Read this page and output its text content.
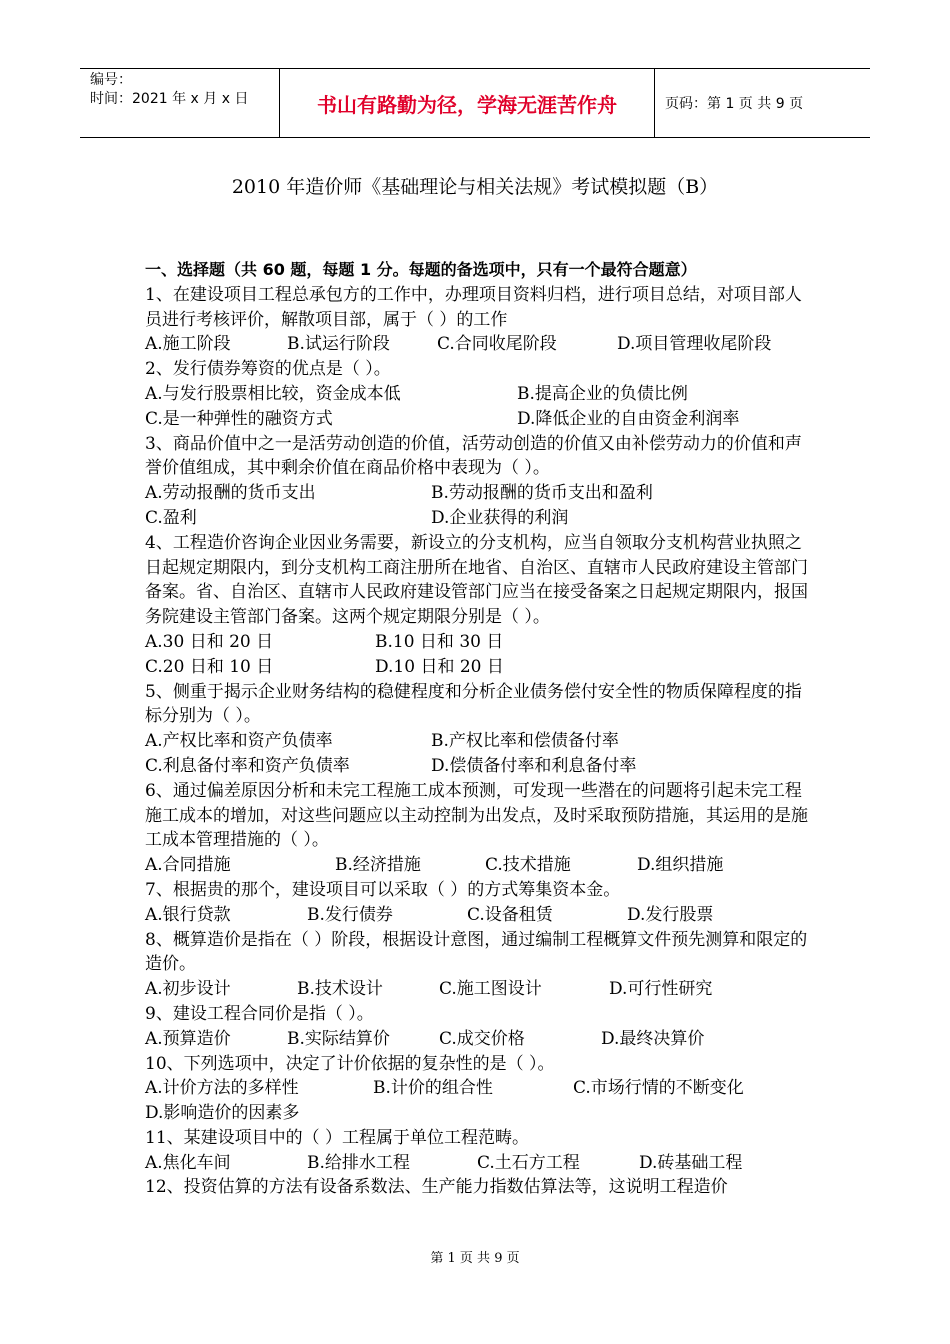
编号：
时间：2021 年 x 月 x 日	书山有路勤为径，学海无涯苦作舟	页码：第 1 页 共 9 页
2010 年造价师《基础理论与相关法规》考试模拟题（B）
一、选择题（共 60 题，每题 1 分。每题的备选项中，只有一个最符合题意）

1、在建设项目工程总承包方的工作中，办理项目资料归档，进行项目总结，对项目部人员进行考核评价，解散项目部，属于（ ）的工作

A.施工阶段	B.试运行阶段	C.合同收尾阶段	D.项目管理收尾阶段

2、发行债券筹资的优点是（ ）。

A.与发行股票相比较，资金成本低	B.提高企业的负债比例
C.是一种弹性的融资方式	D.降低企业的自由资金利润率

3、商品价值中之一是活劳动创造的价值，活劳动创造的价值又由补偿劳动力的价值和声誉价值组成，其中剩余价值在商品价格中表现为（ ）。

A.劳动报酬的货币支出	B.劳动报酬的货币支出和盈利
C.盈利	D.企业获得的利润

4、工程造价咨询企业因业务需要，新设立的分支机构，应当自领取分支机构营业执照之日起规定期限内，到分支机构工商注册所在地省、自治区、直辖市人民政府建设主管部门备案。省、自治区、直辖市人民政府建设管部门应当在接受备案之日起规定期限内，报国务院建设主管部门备案。这两个规定期限分别是（ ）。

A.30 日和 20 日	B.10 日和 30 日
C.20 日和 10 日	D.10 日和 20 日

5、侧重于揭示企业财务结构的稳健程度和分析企业债务偿付安全性的物质保障程度的指标分别为（ ）。

A.产权比率和资产负债率	B.产权比率和偿债备付率
C.利息备付率和资产负债率	D.偿债备付率和利息备付率

6、通过偏差原因分析和未完工程施工成本预测，可发现一些潜在的问题将引起未完工程施工成本的增加，对这些问题应以主动控制为出发点，及时采取预防措施，其运用的是施工成本管理措施的（ ）。

A.合同措施	B.经济措施	C.技术措施	D.组织措施

7、根据贵的那个，建设项目可以采取（ ）的方式筹集资本金。

A.银行贷款	B.发行债券	C.设备租赁	D.发行股票

8、概算造价是指在（ ）阶段，根据设计意图，通过编制工程概算文件预先测算和限定的造价。

A.初步设计	B.技术设计	C.施工图设计	D.可行性研究

9、建设工程合同价是指（ ）。

A.预算造价	B.实际结算价	C.成交价格	D.最终决算价

10、下列选项中，决定了计价依据的复杂性的是（ ）。

A.计价方法的多样性	B.计价的组合性	C.市场行情的不断变化
D.影响造价的因素多

11、某建设项目中的（ ）工程属于单位工程范畴。

A.焦化车间	B.给排水工程	C.土石方工程	D.砖基础工程

12、投资估算的方法有设备系数法、生产能力指数估算法等，这说明工程造价

第 1 页 共 9 页
